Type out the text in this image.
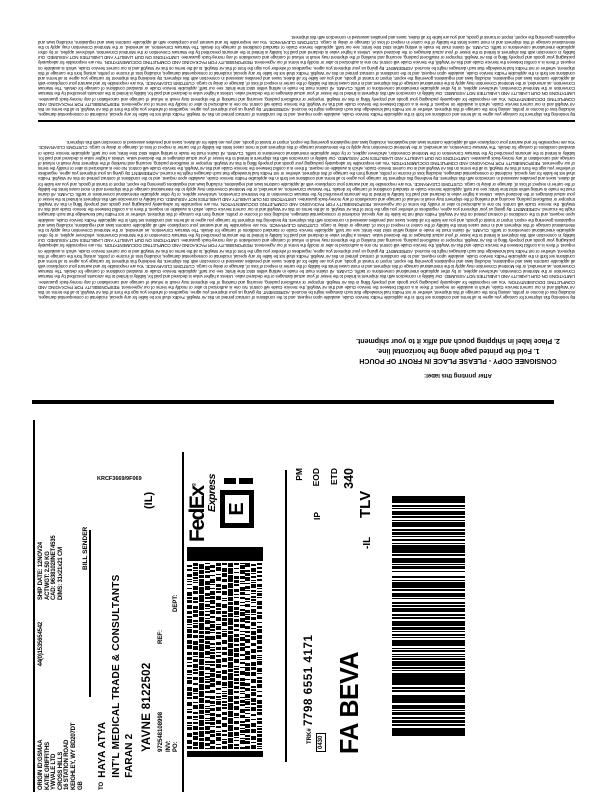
By tendering this shipment for carriage you agree to all terms and conditions set forth in the applicable FedEx Service Guide, available upon request, and to the conditions of contract printed on this Air Waybill. FedEx shall not be liable for any special, incidental or consequential damages, including loss of income or profits, arising from the carriage of this shipment, whether or not FedEx had knowledge that such damages might be incurred. AGREEMENT. By giving us your shipment you agree, regardless of whether you sign the front of this Air Waybill, to all the terms on this Air Waybill and in our current Service Guide, which is available on request. If there is a conflict between the Service Guide and this Air Waybill, the Service Guide will control. No one is authorized to alter or modify the terms of our Agreement. RESPONSIBILITY FOR PACKAGING AND COMPLETING DOCUMENTATION. You are responsible for adequately packaging your goods and properly filling in this Air Waybill. Improper or insufficient packing, securing and marking of the shipment may result in refusal of carriage and cancellation of any money-back guarantee. LIMITATIONS ON OUR LIABILITY AND LIABILITIES NOT ASSUMED. Our liability in connection with this shipment is limited to the lesser of your actual damages or the declared value. Unless a higher value is declared and paid for, liability is limited to the amounts prescribed by the Warsaw Convention or the Montreal Convention, whichever applies, or by other applicable international conventions or tariffs. CLAIMS. All claims must be made in writing within strict time limits; see our tariff, applicable Service Guide or standard conditions of carriage for details. The Warsaw Convention, as amended, or the Montreal Convention may apply to the international carriage of this shipment and in most cases limits the liability of the carrier in respect of loss of, damage or delay to cargo. CUSTOMS CLEARANCE. You are responsible for and warrant your compliance with all applicable customs laws and regulations, including laws and regulations governing the export, import or transit of goods, and you are liable for all duties, taxes and penalties assessed in connection with this shipment. By tendering this shipment for carriage you agree to all terms and conditions set forth in the applicable FedEx Service Guide, available upon request, and to the conditions of contract printed on this Air Waybill. FedEx shall not be liable for any special, incidental or consequential damages, including loss of income or profits, arising from the carriage of this shipment, whether or not FedEx had knowledge that such damages might be incurred. AGREEMENT. By giving us your shipment you agree, regardless of whether you sign the front of this Air Waybill, to all the terms on this Air Waybill and in our current Service Guide, which is available on request. If there is a conflict between the Service Guide and this Air Waybill, the Service Guide will control. No one is authorized to alter or modify the terms of our Agreement. RESPONSIBILITY FOR PACKAGING AND COMPLETING DOCUMENTATION. You are responsible for adequately packaging your goods and properly filling in this Air Waybill. Improper or insufficient packing, securing and marking of the shipment may result in refusal of carriage and cancellation of any money-back guarantee. LIMITATIONS ON OUR LIABILITY AND LIABILITIES NOT ASSUMED. Our liability in connection with this shipment is limited to the lesser of your actual damages or the declared value. Unless a higher value is declared and paid for, liability is limited to the amounts prescribed by the Warsaw Convention or the Montreal Convention, whichever applies, or by other applicable international conventions or tariffs. CLAIMS. All claims must be made in writing within strict time limits; see our tariff, applicable Service Guide or standard conditions of carriage for details. The Warsaw Convention, as amended, or the Montreal Convention may apply to the international carriage of this shipment and in most cases limits the liability of the carrier in respect of loss of, damage or delay to cargo. CUSTOMS CLEARANCE. You are responsible for and warrant your compliance with all applicable customs laws and regulations, including laws and regulations governing the export, import or transit of goods, and you are liable for all duties, taxes and penalties assessed in connection with this shipment. By tendering this shipment for carriage you agree to all terms and conditions set forth in the applicable FedEx Service Guide, available upon request, and to the conditions of contract printed on this Air Waybill. FedEx shall not be liable for any special, incidental or consequential damages, including loss of income or profits, arising from the carriage of this shipment, whether or not FedEx had knowledge that such damages might be incurred. AGREEMENT. By giving us your shipment you agree, regardless of whether you sign the front of this Air Waybill, to all the terms on this Air Waybill and in our current Service Guide, which is available on request. If there is a conflict between the Service Guide and this Air Waybill, the Service Guide will control. No one is authorized to alter or modify the terms of our Agreement. RESPONSIBILITY FOR PACKAGING AND COMPLETING DOCUMENTATION. You are responsible for adequately packaging your goods and properly filling in this Air Waybill. Improper or insufficient packing, securing and marking of the shipment may result in refusal of carriage and cancellation of any money-back guarantee. LIMITATIONS ON OUR LIABILITY AND LIABILITIES NOT ASSUMED. Our liability in connection with this shipment is limited to the lesser of your actual damages or the declared value. Unless a higher value is declared and paid for, liability is limited to the amounts prescribed by the Warsaw Convention or the Montreal Convention, whichever applies, or by other applicable international conventions or tariffs. CLAIMS. All claims must be made in writing within strict time limits; see our tariff, applicable Service Guide or standard conditions of carriage for details. The Warsaw Convention, as amended, or the Montreal Convention may apply to the international carriage of this shipment and in most cases limits the liability of the carrier in respect of loss of, damage or delay to cargo. CUSTOMS CLEARANCE. You are responsible for and warrant your compliance with all applicable customs laws and regulations, including laws and regulations governing the export, import or transit of goods, and you are liable for all duties, taxes and penalties assessed in connection with this shipment. By tendering this shipment for carriage you agree to all terms and conditions set forth in the applicable FedEx Service Guide, available upon request, and to the conditions of contract printed on this Air Waybill. FedEx shall not be liable for any special, incidental or consequential damages, including loss of income or profits, arising from the carriage of this shipment, whether or not FedEx had knowledge that such damages might be incurred. AGREEMENT. By giving us your shipment you agree, regardless of whether you sign the front of this Air Waybill, to all the terms on this Air Waybill and in our current Service Guide, which is available on request. If there is a conflict between the Service Guide and this Air Waybill, the Service Guide will control. No one is authorized to alter or modify the terms of our Agreement. RESPONSIBILITY FOR PACKAGING AND COMPLETING DOCUMENTATION. You are responsible for adequately packaging your goods and properly filling in this Air Waybill. Improper or insufficient packing, securing and marking of the shipment may result in refusal of carriage and cancellation of any money-back guarantee. LIMITATIONS ON OUR LIABILITY AND LIABILITIES NOT ASSUMED. Our liability in connection with this shipment is limited to the lesser of your actual damages or the declared value. Unless a higher value is declared and paid for, liability is limited to the amounts prescribed by the Warsaw Convention or the Montreal Convention, whichever applies, or by other applicable international conventions or tariffs. CLAIMS. All claims must be made in writing within strict time limits; see our tariff, applicable Service Guide or standard conditions of carriage for details. The Warsaw Convention, as amended, or the Montreal Convention may apply to the international carriage of this shipment and in most cases limits the liability of the carrier in respect of loss of, damage or delay to cargo. CUSTOMS CLEARANCE. You are responsible for and warrant your compliance with all applicable customs laws and regulations, including laws and regulations governing the export, import or transit of goods, and you are liable for all duties, taxes and penalties assessed in connection with this shipment.
By tendering this shipment for carriage you agree to all terms and conditions set forth in the applicable FedEx Service Guide, available upon request, and to the conditions of contract printed on this Air Waybill. FedEx shall not be liable for any special, incidental or consequential damages, including loss of income or profits, arising from the carriage of this shipment, whether or not FedEx had knowledge that such damages might be incurred. AGREEMENT. By giving us your shipment you agree, regardless of whether you sign the front of this Air Waybill, to all the terms on this Air Waybill and in our current Service Guide, which is available on request. If there is a conflict between the Service Guide and this Air Waybill, the Service Guide will control. No one is authorized to alter or modify the terms of our Agreement. RESPONSIBILITY FOR PACKAGING AND COMPLETING DOCUMENTATION. You are responsible for adequately packaging your goods and properly filling in this Air Waybill. Improper or insufficient packing, securing and marking of the shipment may result in refusal of carriage and cancellation of any money-back guarantee. LIMITATIONS ON OUR LIABILITY AND LIABILITIES NOT ASSUMED. Our liability in connection with this shipment is limited to the lesser of your actual damages or the declared value. Unless a higher value is declared and paid for, liability is limited to the amounts prescribed by the Warsaw Convention or the Montreal Convention, whichever applies, or by other applicable international conventions or tariffs. CLAIMS. All claims must be made in writing within strict time limits; see our tariff, applicable Service Guide or standard conditions of carriage for details. The Warsaw Convention, as amended, or the Montreal Convention may apply to the international carriage of this shipment and in most cases limits the liability of the carrier in respect of loss of, damage or delay to cargo. CUSTOMS CLEARANCE. You are responsible for and warrant your compliance with all applicable customs laws and regulations, including laws and regulations governing the export, import or transit of goods, and you are liable for all duties, taxes and penalties assessed in connection with this shipment. By tendering this shipment for carriage you agree to all terms and conditions set forth in the applicable FedEx Service Guide, available upon request, and to the conditions of contract printed on this Air Waybill. FedEx shall not be liable for any special, incidental or consequential damages, including loss of income or profits, arising from the carriage of this shipment, whether or not FedEx had knowledge that such damages might be incurred. AGREEMENT. By giving us your shipment you agree, regardless of whether you sign the front of this Air Waybill, to all the terms on this Air Waybill and in our current Service Guide, which is available on request. If there is a conflict between the Service Guide and this Air Waybill, the Service Guide will control. No one is authorized to alter or modify the terms of our Agreement. RESPONSIBILITY FOR PACKAGING AND COMPLETING DOCUMENTATION. You are responsible for adequately packaging your goods and properly filling in this Air Waybill. Improper or insufficient packing, securing and marking of the shipment may result in refusal of carriage and cancellation of any money-back guarantee. LIMITATIONS ON OUR LIABILITY AND LIABILITIES NOT ASSUMED. Our liability in connection with this shipment is limited to the lesser of your actual damages or the declared value. Unless a higher value is declared and paid for, liability is limited to the amounts prescribed by the Warsaw Convention or the Montreal Convention, whichever applies, or by other applicable international conventions or tariffs. CLAIMS. All claims must be made in writing within strict time limits; see our tariff, applicable Service Guide or standard conditions of carriage for details. The Warsaw Convention, as amended, or the Montreal Convention may apply to the international carriage of this shipment and in most cases limits the liability of the carrier in respect of loss of, damage or delay to cargo. CUSTOMS CLEARANCE. You are responsible for and warrant your compliance with all applicable customs laws and regulations, including laws and regulations governing the export, import or transit of goods, and you are liable for all duties, taxes and penalties assessed in connection with this shipment.
After printing this label:
CONSIGNEE COPY - PLEASE PLACE IN FRONT OF POUCH
1. Fold the printed page along the horizontal line.
2. Place label in shipping pouch and affix it to your shipment.
ORIGIN ID:GSMAA
44(0)1535654542
KATIE GRIFFITHS YWVALE LTD CROSS HILLS 16 STATION ROAD KEIGHLEY, WY BD207DT GB
SHIP DATE: 12NOV24 ACTWGT: 2.50 KG CAD: 9638102/INET4535 DIMS: 31x21x21 CM	BILL SENDER
KRCF3669/9F069
TO
HAYA ATYA INT'L MEDICAL TRADE & CONSULTANTS FARAN 2
YAVNE 8122502
(IL)
972548108998
REF:
INV: PO:
DEPT:
FedEx® Express E
PM
TRK#
7798 6551 4171
0430
IP
EOD ETD 340
FA BEVA
-IL
TLV
